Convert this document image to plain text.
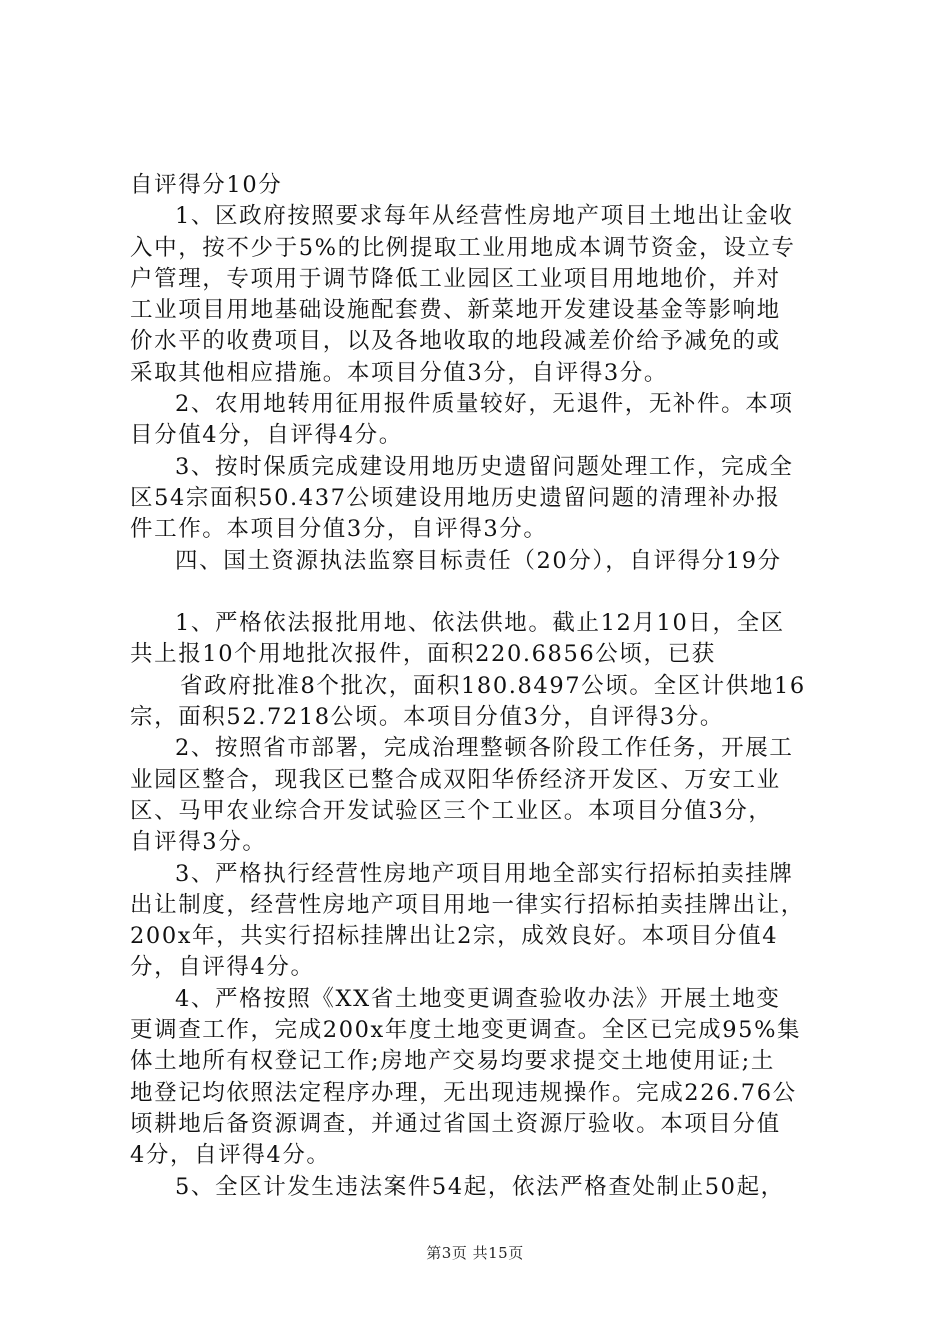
自评得分10分
1、区政府按照要求每年从经营性房地产项目土地出让金收
入中，按不少于5%的比例提取工业用地成本调节资金，设立专
户管理，专项用于调节降低工业园区工业项目用地地价，并对
工业项目用地基础设施配套费、新菜地开发建设基金等影响地
价水平的收费项目，以及各地收取的地段减差价给予减免的或
采取其他相应措施。本项目分值3分，自评得3分。
2、农用地转用征用报件质量较好，无退件，无补件。本项
目分值4分，自评得4分。
3、按时保质完成建设用地历史遗留问题处理工作，完成全
区54宗面积50.437公顷建设用地历史遗留问题的清理补办报
件工作。本项目分值3分，自评得3分。
四、国土资源执法监察目标责任（20分），自评得分19分
1、严格依法报批用地、依法供地。截止12月10日，全区
共上报10个用地批次报件，面积220.6856公顷，已获
省政府批准8个批次，面积180.8497公顷。全区计供地16
宗，面积52.7218公顷。本项目分值3分，自评得3分。
2、按照省市部署，完成治理整顿各阶段工作任务，开展工
业园区整合，现我区已整合成双阳华侨经济开发区、万安工业
区、马甲农业综合开发试验区三个工业区。本项目分值3分，
自评得3分。
3、严格执行经营性房地产项目用地全部实行招标拍卖挂牌
出让制度，经营性房地产项目用地一律实行招标拍卖挂牌出让，
200x年，共实行招标挂牌出让2宗，成效良好。本项目分值4
分，自评得4分。
4、严格按照《XX省土地变更调查验收办法》开展土地变
更调查工作，完成200x年度土地变更调查。全区已完成95%集
体土地所有权登记工作;房地产交易均要求提交土地使用证;土
地登记均依照法定程序办理，无出现违规操作。完成226.76公
顷耕地后备资源调查，并通过省国土资源厅验收。本项目分值
4分，自评得4分。
5、全区计发生违法案件54起，依法严格查处制止50起，
第3页 共15页
